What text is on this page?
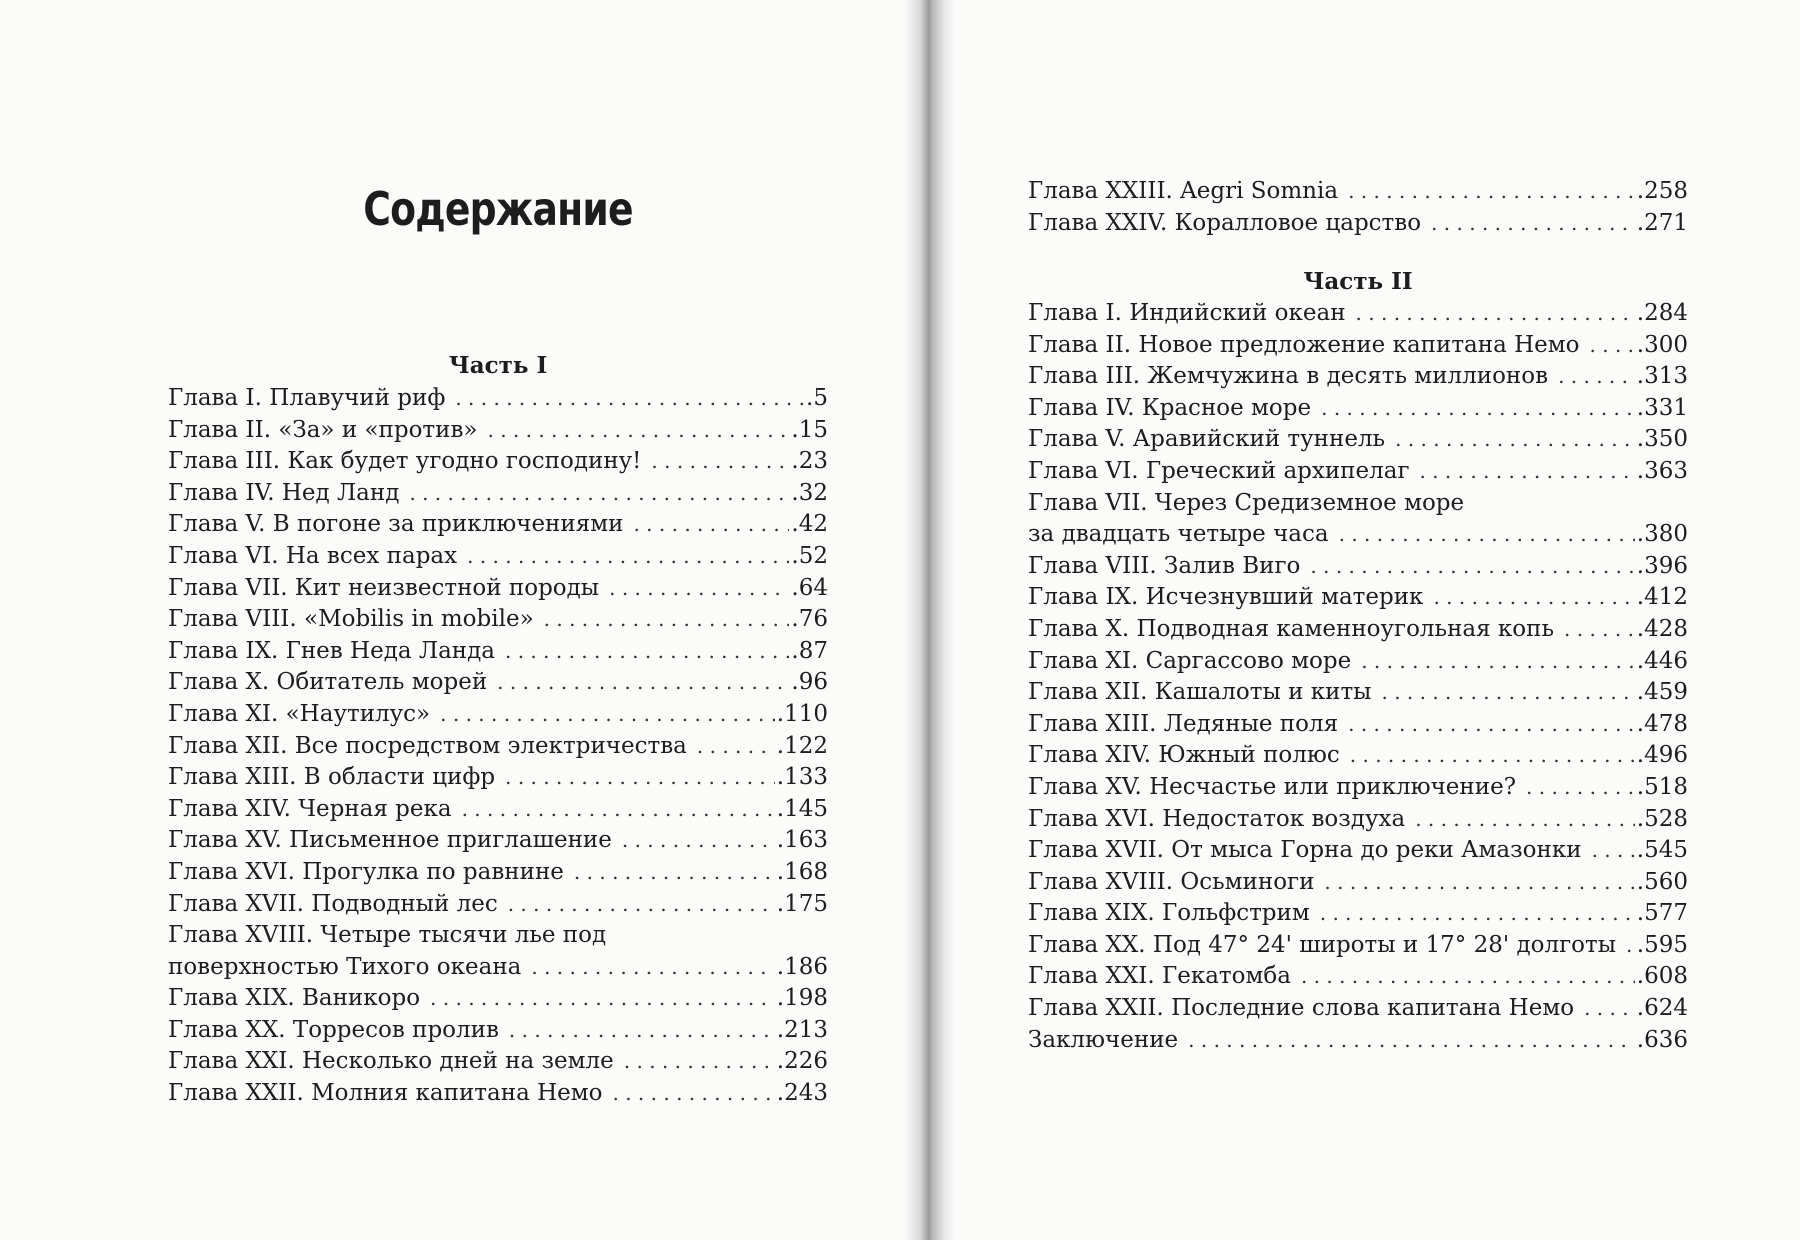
Содержание
Часть I
Глава I. Плавучий риф . . .	.5
Глава II. «За» и «против» . . .	.15
Глава III. Как будет угодно господину! . . .	.23
Глава IV. Нед Ланд . . .	.32
Глава V. В погоне за приключениями . . .	.42
Глава VI. На всех парах . . .	.52
Глава VII. Кит неизвестной породы . . .	.64
Глава VIII. «Mobilis in mobile» . . .	.76
Глава IX. Гнев Неда Ланда . . .	.87
Глава X. Обитатель морей . . .	.96
Глава XI. «Наутилус» . . .	.110
Глава XII. Все посредством электричества . . .	.122
Глава XIII. В области цифр . . .	.133
Глава XIV. Черная река . . .	.145
Глава XV. Письменное приглашение . . .	.163
Глава XVI. Прогулка по равнине . . .	.168
Глава XVII. Подводный лес . . .	.175
Глава XVIII. Четыре тысячи лье под
поверхностью Тихого океана . . .	.186
Глава XIX. Ваникоро . . .	.198
Глава XX. Торресов пролив . . .	.213
Глава XXI. Несколько дней на земле . . .	.226
Глава XXII. Молния капитана Немо . . .	.243
Глава XXIII. Aegri Somnia . . .	.258
Глава XXIV. Коралловое царство . . .	.271
Часть II
Глава I. Индийский океан . . .	.284
Глава II. Новое предложение капитана Немо . . . .300
Глава III. Жемчужина в десять миллионов . . .	.313
Глава IV. Красное море . . .	.331
Глава V. Аравийский туннель . . .	.350
Глава VI. Греческий архипелаг . . .	.363
Глава VII. Через Средиземное море
за двадцать четыре часа . . .	.380
Глава VIII. Залив Виго . . .	.396
Глава IX. Исчезнувший материк . . .	.412
Глава X. Подводная каменноугольная копь . . .	.428
Глава XI. Саргассово море . . .	.446
Глава XII. Кашалоты и киты . . .	.459
Глава XIII. Ледяные поля . . .	.478
Глава XIV. Южный полюс . . .	.496
Глава XV. Несчастье или приключение? . . .	.518
Глава XVI. Недостаток воздуха . . .	.528
Глава XVII. От мыса Горна до реки Амазонки . . . .545
Глава XVIII. Осьминоги . . .	.560
Глава XIX. Гольфстрим . . .	.577
Глава XX. Под 47° 24' широты и 17° 28' долготы . . . .595
Глава XXI. Гекатомба . . .	.608
Глава XXII. Последние слова капитана Немо . . .	.624
Заключение . . .	.636
